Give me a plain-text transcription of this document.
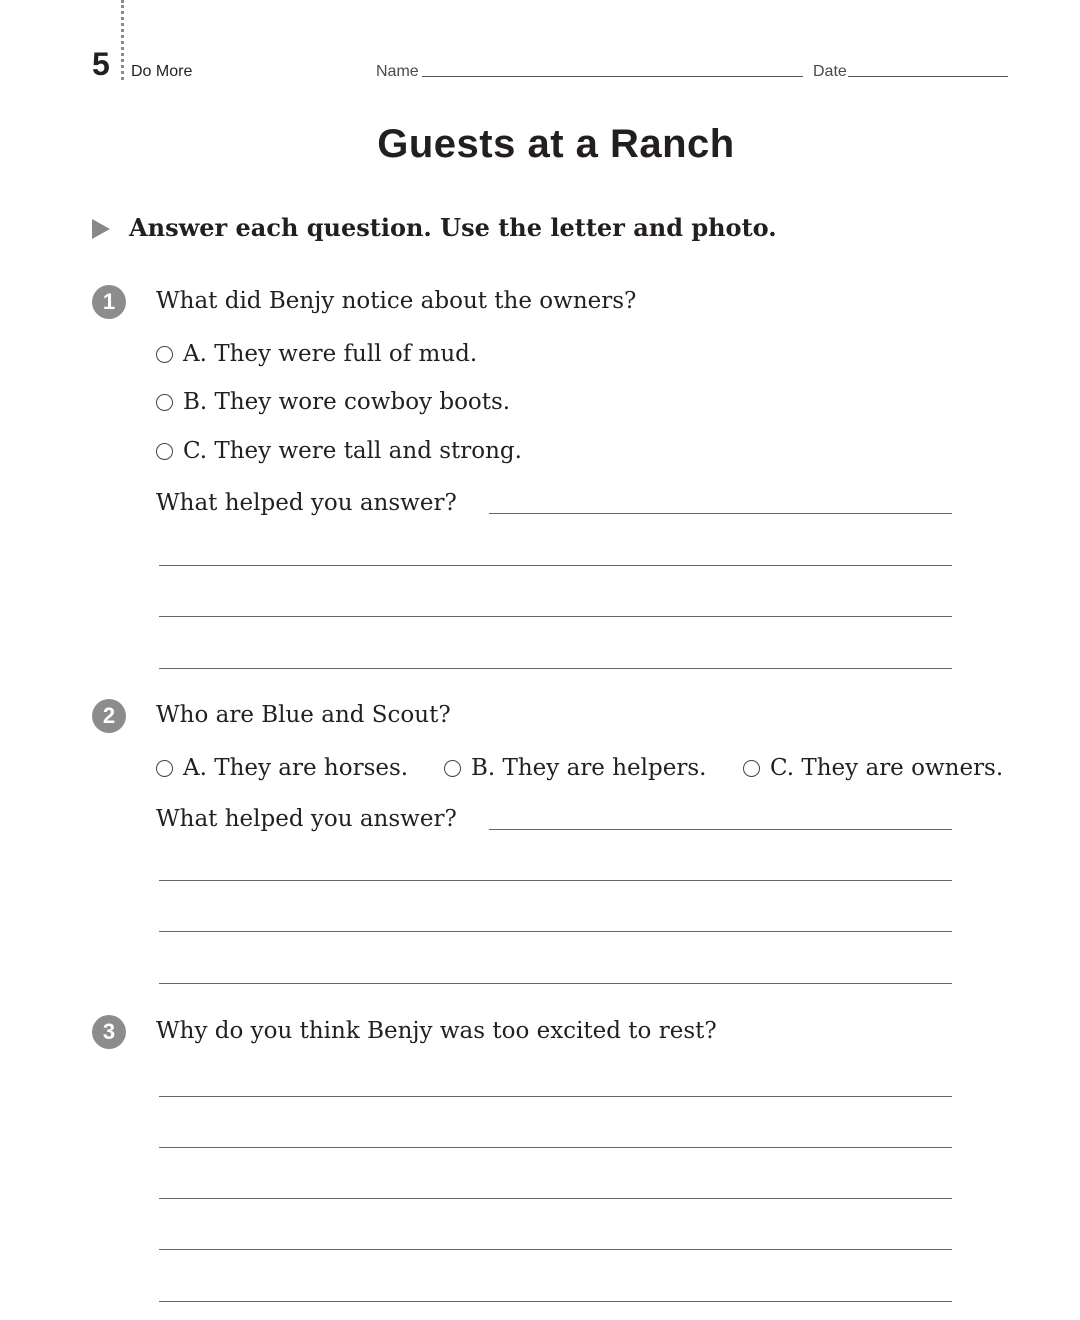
5 Do More	Name	Date
Guests at a Ranch
Answer each question. Use the letter and photo.
1	What did Benjy notice about the owners?
A.
They were full of mud.
B.
They wore cowboy boots.
C.
They were tall and strong.
What helped you answer?
2	Who are Blue and Scout?
A.
They are horses.	B.
They are helpers.	C.
They are owners.
What helped you answer?
3	Why do you think Benjy was too excited to rest?
